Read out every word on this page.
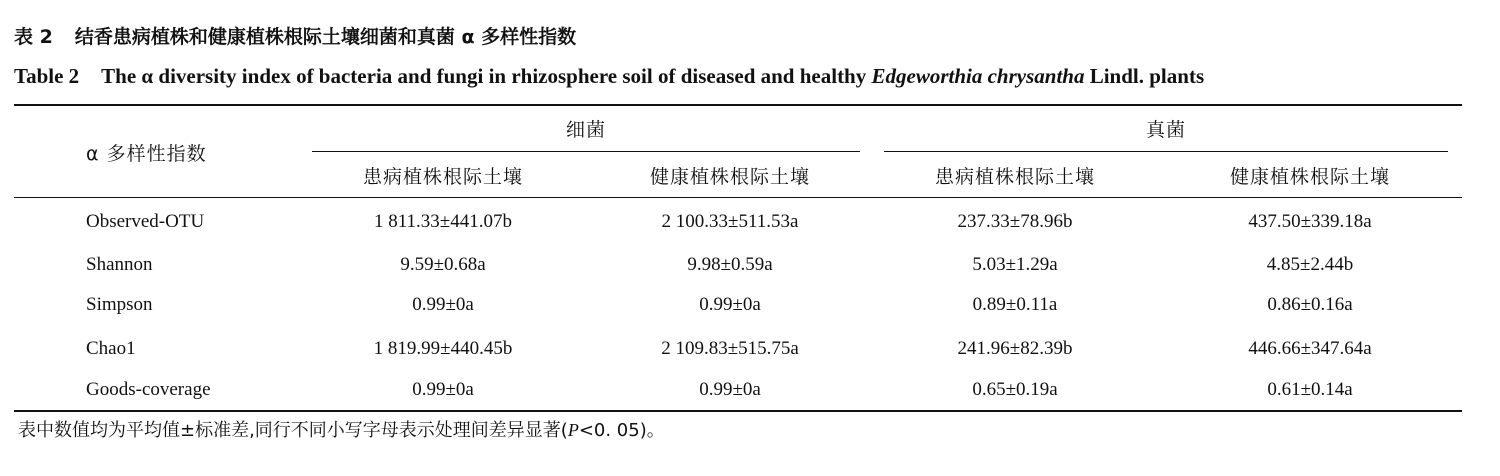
表 2 结香患病植株和健康植株根际土壤细菌和真菌 α 多样性指数
Table 2 The α diversity index of bacteria and fungi in rhizosphere soil of diseased and healthy Edgeworthia chrysantha Lindl. plants
α 多样性指数
细菌	真菌
患病植株根际土壤	健康植株根际土壤	患病植株根际土壤	健康植株根际土壤
Observed-OTU	1 811.33±441.07b	2 100.33±511.53a	237.33±78.96b	437.50±339.18a
Shannon	9.59±0.68a	9.98±0.59a	5.03±1.29a	4.85±2.44b
Simpson	0.99±0a	0.99±0a	0.89±0.11a	0.86±0.16a
Chao1	1 819.99±440.45b	2 109.83±515.75a	241.96±82.39b	446.66±347.64a
Goods-coverage	0.99±0a	0.99±0a	0.65±0.19a	0.61±0.14a
表中数值均为平均值±标准差,同行不同小写字母表示处理间差异显著(P<0. 05)。
